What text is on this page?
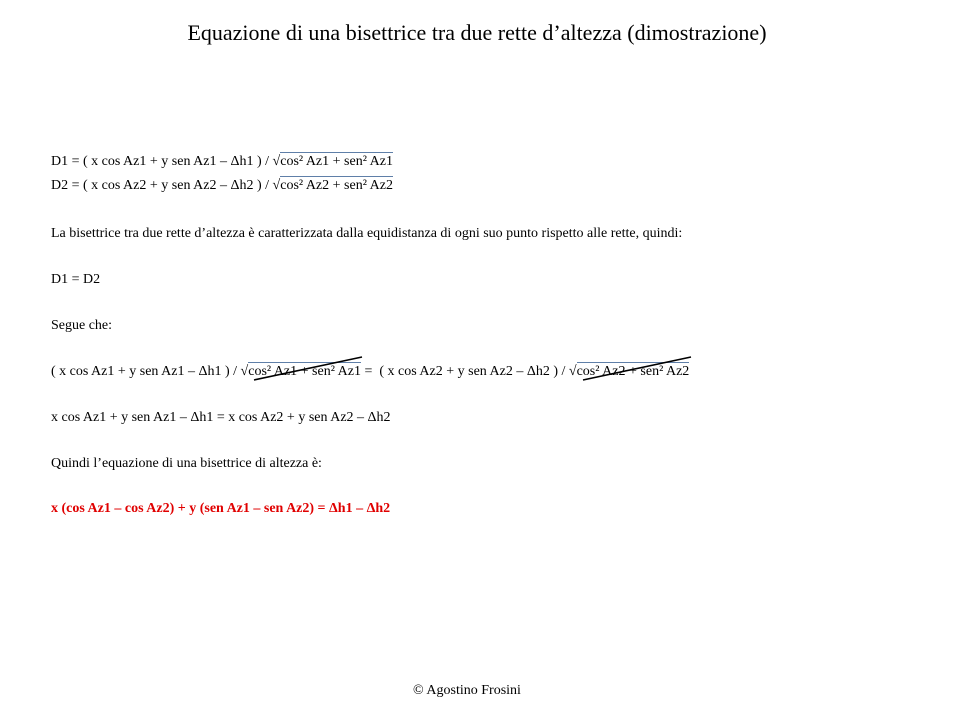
Equazione di una bisettrice tra due rette d’altezza (dimostrazione)
D1 = ( x cos Az1 + y sen Az1 – Δh1 ) / √cos² Az1 + sen² Az1
D2 = ( x cos Az2 + y sen Az2 – Δh2 ) / √cos² Az2 + sen² Az2
La bisettrice tra due rette d’altezza è caratterizzata dalla equidistanza di ogni suo punto rispetto alle rette, quindi:
D1 = D2
Segue che:
( x cos Az1 + y sen Az1 – Δh1 ) / √cos² Az1 + sen² Az1
=  ( x cos Az2 + y sen Az2 – Δh2 ) / √cos² Az2 + sen² Az2
x cos Az1 + y sen Az1 – Δh1 = x cos Az2 + y sen Az2 – Δh2
Quindi l’equazione di una bisettrice di altezza è:
x (cos Az1 – cos Az2) + y (sen Az1 – sen Az2) = Δh1 – Δh2
© Agostino Frosini
